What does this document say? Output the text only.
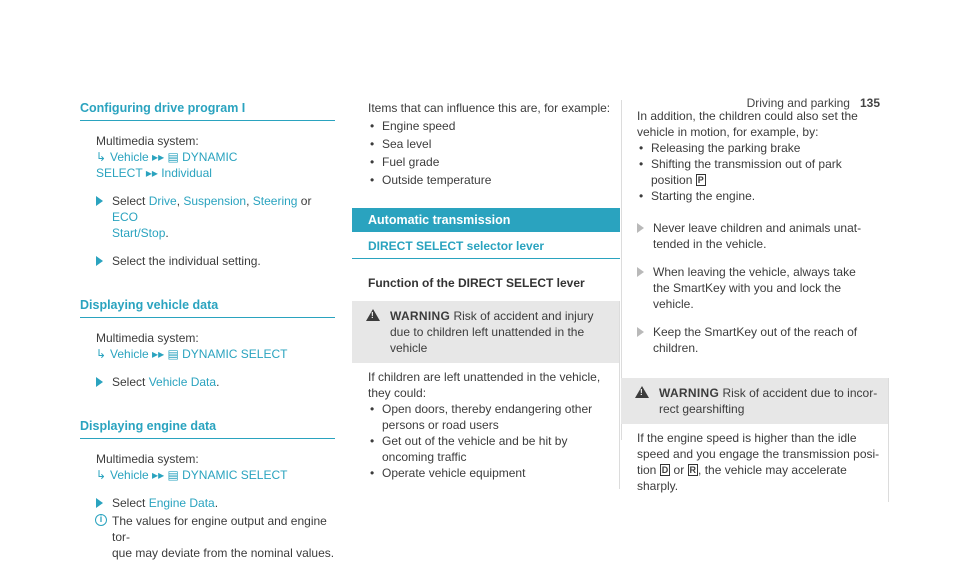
Driving and parking 135
Configuring drive program I
Multimedia system:
↳ Vehicle ▸▸ ▤ DYNAMIC
SELECT ▸▸ Individual
Select Drive, Suspension, Steering or ECO
Start/Stop.
Select the individual setting.
Displaying vehicle data
Multimedia system:
↳ Vehicle ▸▸ ▤ DYNAMIC SELECT
Select Vehicle Data.
Displaying engine data
Multimedia system:
↳ Vehicle ▸▸ ▤ DYNAMIC SELECT
Select Engine Data.
i The values for engine output and engine tor-
que may deviate from the nominal values.
Items that can influence this are, for example:
• Engine speed
• Sea level
• Fuel grade
• Outside temperature
Automatic transmission
DIRECT SELECT selector lever
Function of the DIRECT SELECT lever
!
WARNING Risk of accident and injury
due to children left unattended in the
vehicle
If children are left unattended in the vehicle,
they could:
• Open doors, thereby endangering other
persons or road users
• Get out of the vehicle and be hit by
oncoming traffic
• Operate vehicle equipment
In addition, the children could also set the
vehicle in motion, for example, by:
• Releasing the parking brake
• Shifting the transmission out of park
position P
• Starting the engine.
Never leave children and animals unat-
tended in the vehicle.
When leaving the vehicle, always take
the SmartKey with you and lock the
vehicle.
Keep the SmartKey out of the reach of
children.
!
WARNING Risk of accident due to incor-
rect gearshifting
If the engine speed is higher than the idle
speed and you engage the transmission posi-
tion D or R , the vehicle may accelerate
sharply.
